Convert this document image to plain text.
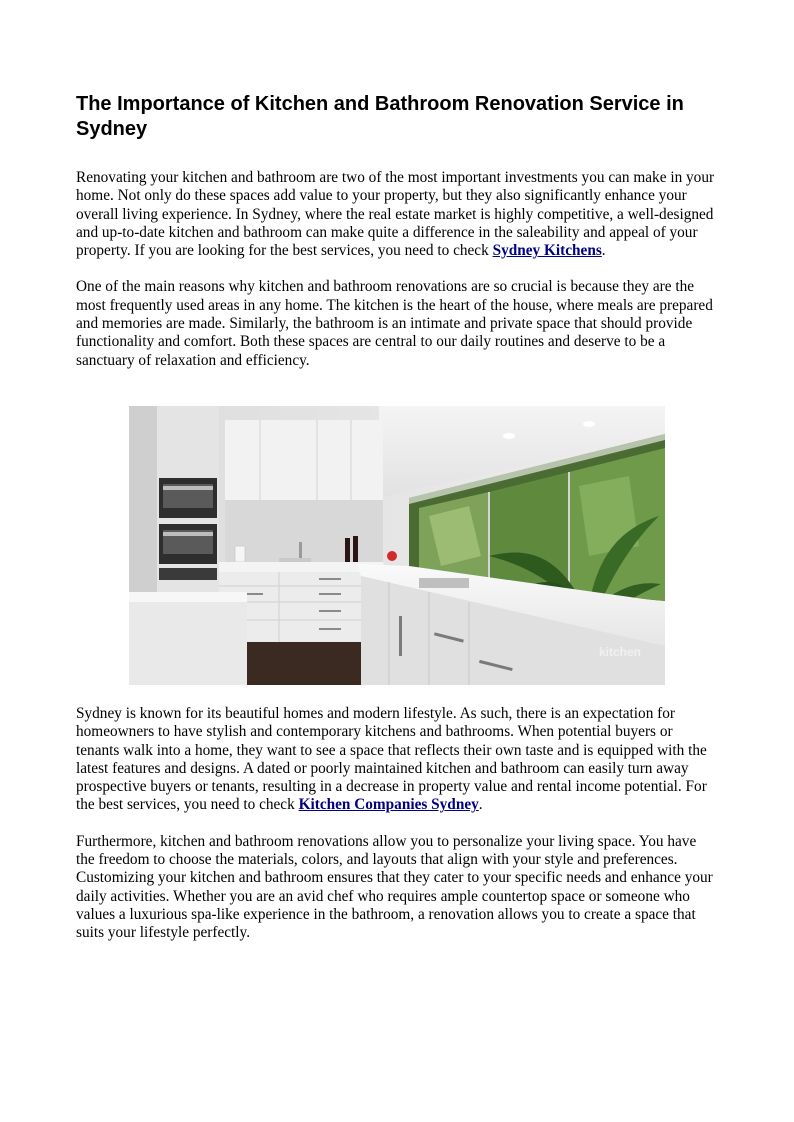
The Importance of Kitchen and Bathroom Renovation Service in Sydney

Renovating your kitchen and bathroom are two of the most important investments you can make in your home. Not only do these spaces add value to your property, but they also significantly enhance your overall living experience. In Sydney, where the real estate market is highly competitive, a well-designed and up-to-date kitchen and bathroom can make quite a difference in the saleability and appeal of your property. If you are looking for the best services, you need to check Sydney Kitchens.

One of the main reasons why kitchen and bathroom renovations are so crucial is because they are the most frequently used areas in any home. The kitchen is the heart of the house, where meals are prepared and memories are made. Similarly, the bathroom is an intimate and private space that should provide functionality and comfort. Both these spaces are central to our daily routines and deserve to be a sanctuary of relaxation and efficiency.

kitchen

Sydney is known for its beautiful homes and modern lifestyle. As such, there is an expectation for homeowners to have stylish and contemporary kitchens and bathrooms. When potential buyers or tenants walk into a home, they want to see a space that reflects their own taste and is equipped with the latest features and designs. A dated or poorly maintained kitchen and bathroom can easily turn away prospective buyers or tenants, resulting in a decrease in property value and rental income potential. For the best services, you need to check Kitchen Companies Sydney.

Furthermore, kitchen and bathroom renovations allow you to personalize your living space. You have the freedom to choose the materials, colors, and layouts that align with your style and preferences. Customizing your kitchen and bathroom ensures that they cater to your specific needs and enhance your daily activities. Whether you are an avid chef who requires ample countertop space or someone who values a luxurious spa-like experience in the bathroom, a renovation allows you to create a space that suits your lifestyle perfectly.
